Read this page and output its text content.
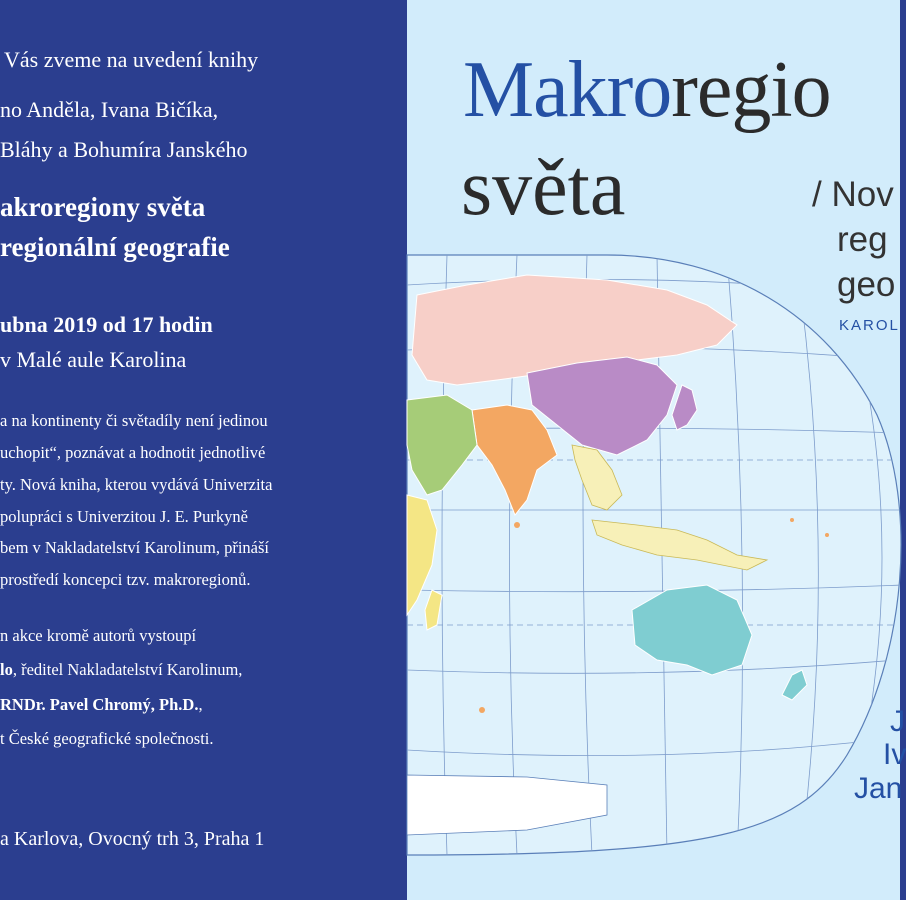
Vás zveme na uvedení knihy
no Anděla, Ivana Bičíka,
Bláhy a Bohumíra Janského
akroregiony světa
regionální geografie
ubna 2019 od 17 hodin
v Malé aule Karolina
a na kontinenty či světadíly není jedinou
uchopit“, poznávat a hodnotit jednotlivé
ty. Nová kniha, kterou vydává Univerzita
polupráci s Univerzitou J. E. Purkyně
bem v Nakladatelství Karolinum, přináší
prostředí koncepci tzv. makroregionů.
n akce kromě autorů vystoupí
lo, ředitel Nakladatelství Karolinum,
RNDr. Pavel Chromý, Ph.D.,
t České geografické společnosti.
a Karlova, Ovocný trh 3, Praha 1
Makroregio
světa	/ Nov
reg
geo
KAROL
J
Iv
Jan
